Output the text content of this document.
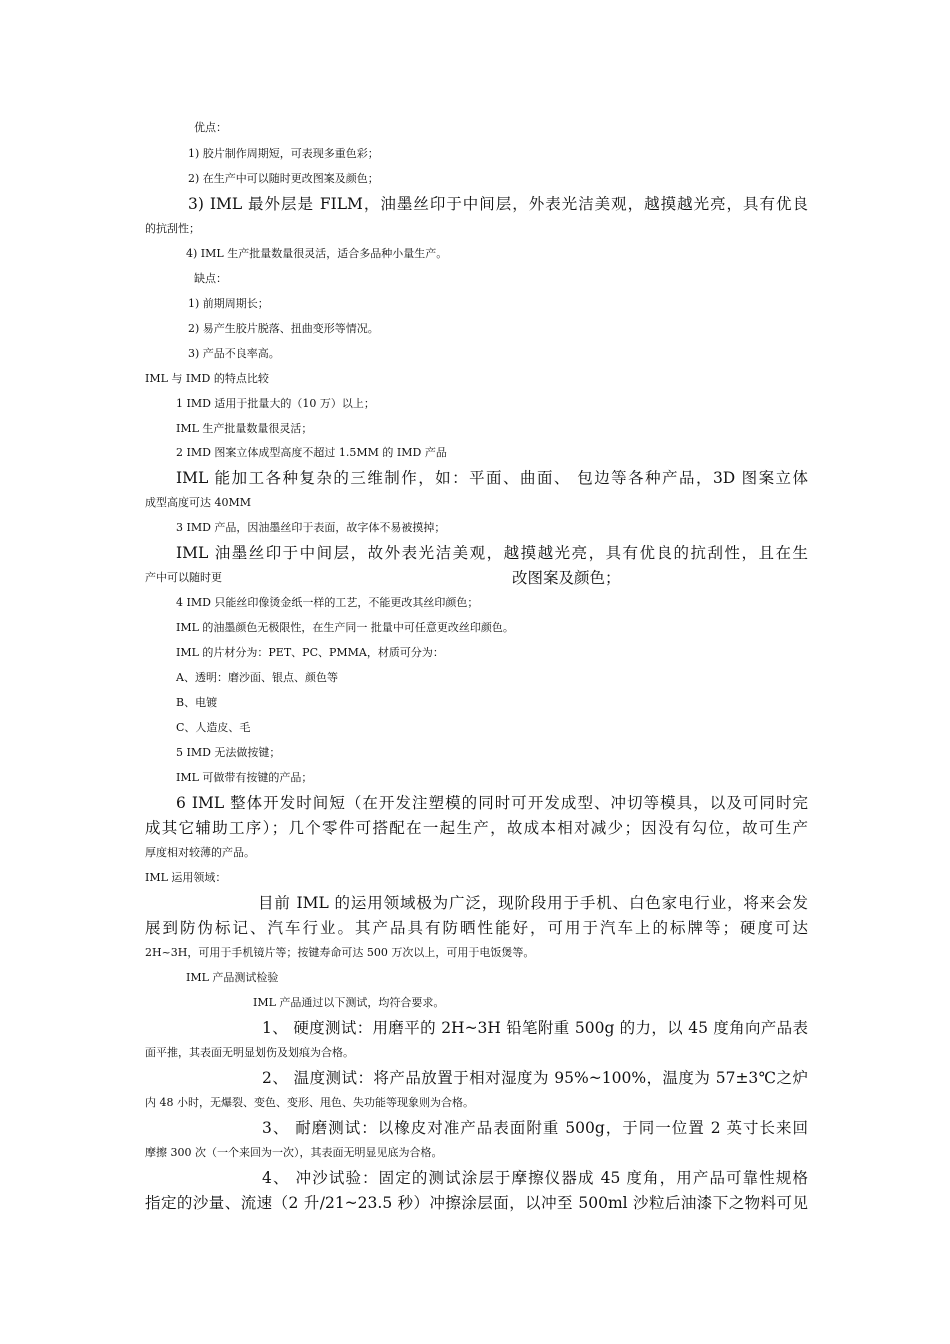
优点：
1) 胶片制作周期短，可表现多重色彩；
2) 在生产中可以随时更改图案及颜色；
3) IML 最外层是 FILM，油墨丝印于中间层，外表光洁美观，越摸越光亮，具有优良
的抗刮性；
4) IML 生产批量数量很灵活，适合多品种小量生产。
缺点：
1) 前期周期长；
2) 易产生胶片脱落、扭曲变形等情况。
3) 产品不良率高。
IML 与 IMD 的特点比较
1 IMD 适用于批量大的（10 万）以上；
IML 生产批量数量很灵活；
2 IMD 图案立体成型高度不超过 1.5MM 的 IMD 产品
IML 能加工各种复杂的三维制作，如：平面、曲面、 包边等各种产品，3D 图案立体
成型高度可达 40MM
3 IMD 产品，因油墨丝印于表面，故字体不易被摸掉；
IML 油墨丝印于中间层，故外表光洁美观，越摸越光亮，具有优良的抗刮性，且在生
产中可以随时更	改图案及颜色；
4 IMD 只能丝印像烫金纸一样的工艺，不能更改其丝印颜色；
IML 的油墨颜色无极限性，在生产同一 批量中可任意更改丝印颜色。
IML 的片材分为：PET、PC、PMMA，材质可分为：
A、透明：磨沙面、银点、颜色等
B、电镀
C、人造皮、毛
5 IMD 无法做按键；
IML 可做带有按键的产品；
6 IML 整体开发时间短（在开发注塑模的同时可开发成型、冲切等模具，以及可同时完
成其它辅助工序）；几个零件可搭配在一起生产，故成本相对减少；因没有勾位，故可生产
厚度相对较薄的产品。
IML 运用领域：
目前 IML 的运用领域极为广泛，现阶段用于手机、白色家电行业，将来会发
展到防伪标记、汽车行业。其产品具有防晒性能好，可用于汽车上的标牌等；硬度可达
2H~3H，可用于手机镜片等；按键寿命可达 500 万次以上，可用于电饭煲等。
IML 产品测试检验
IML 产品通过以下测试，均符合要求。
1、 硬度测试：用磨平的 2H~3H 铅笔附重 500g 的力，以 45 度角向产品表
面平推，其表面无明显划伤及划痕为合格。
2、 温度测试：将产品放置于相对湿度为 95%~100%，温度为 57±3℃之炉
内 48 小时，无爆裂、变色、变形、甩色、失功能等现象则为合格。
3、 耐磨测试：以橡皮对准产品表面附重 500g，于同一位置 2 英寸长来回
摩擦 300 次（一个来回为一次），其表面无明显见底为合格。
4、 冲沙试验：固定的测试涂层于摩擦仪器成 45 度角，用产品可靠性规格
指定的沙量、流速（2 升/21~23.5 秒）冲擦涂层面，以冲至 500ml 沙粒后油漆下之物料可见
